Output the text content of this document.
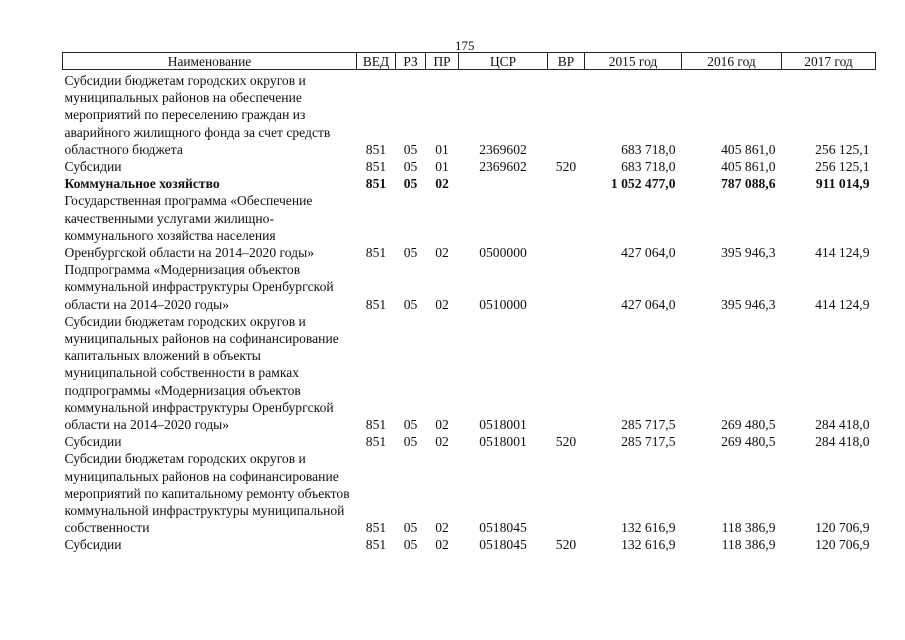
175
Наименование	ВЕД	РЗ	ПР	ЦСР	ВР	2015 год	2016 год	2017 год
Субсидии бюджетам городских округов и муниципальных районов на обеспечение мероприятий по переселению граждан из аварийного жилищного фонда за счет средств областного бюджета	851	05	01	2369602		683 718,0	405 861,0	256 125,1
Субсидии	851	05	01	2369602	520	683 718,0	405 861,0	256 125,1
Коммунальное хозяйство	851	05	02			1 052 477,0	787 088,6	911 014,9
Государственная программа «Обеспечение качественными услугами жилищно-коммунального хозяйства населения Оренбургской области на 2014–2020 годы»	851	05	02	0500000		427 064,0	395 946,3	414 124,9
Подпрограмма «Модернизация объектов коммунальной инфраструктуры Оренбургской области на 2014–2020 годы»	851	05	02	0510000		427 064,0	395 946,3	414 124,9
Субсидии бюджетам городских округов и муниципальных районов на софинансирование капитальных вложений в объекты муниципальной собственности в рамках подпрограммы «Модернизация объектов коммунальной инфраструктуры Оренбургской области на 2014–2020 годы»	851	05	02	0518001		285 717,5	269 480,5	284 418,0
Субсидии	851	05	02	0518001	520	285 717,5	269 480,5	284 418,0
Субсидии бюджетам городских округов и муниципальных районов на софинансирование мероприятий по капитальному ремонту объектов коммунальной инфраструктуры муниципальной собственности	851	05	02	0518045		132 616,9	118 386,9	120 706,9
Субсидии	851	05	02	0518045	520	132 616,9	118 386,9	120 706,9
